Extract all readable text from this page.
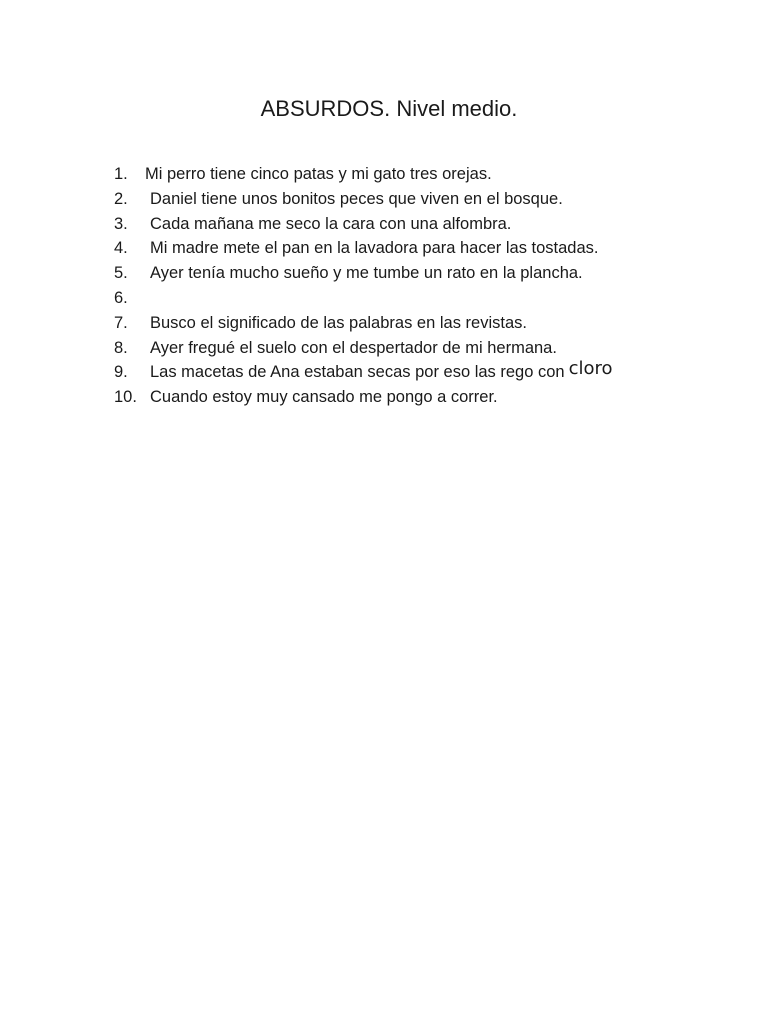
ABSURDOS. Nivel medio.
1. Mi perro tiene cinco patas y mi gato tres orejas.
2. Daniel tiene unos bonitos peces que viven en el bosque.
3. Cada mañana me seco la cara con una alfombra.
4. Mi madre mete el pan en la lavadora para hacer las tostadas.
5. Ayer tenía mucho sueño y me tumbe un rato en la plancha.
6.
7. Busco el significado de las palabras en las revistas.
8. Ayer fregué el suelo con el despertador de mi hermana.
9. Las macetas de Ana estaban secas por eso las rego con cloro
10. Cuando estoy muy cansado me pongo a correr.
